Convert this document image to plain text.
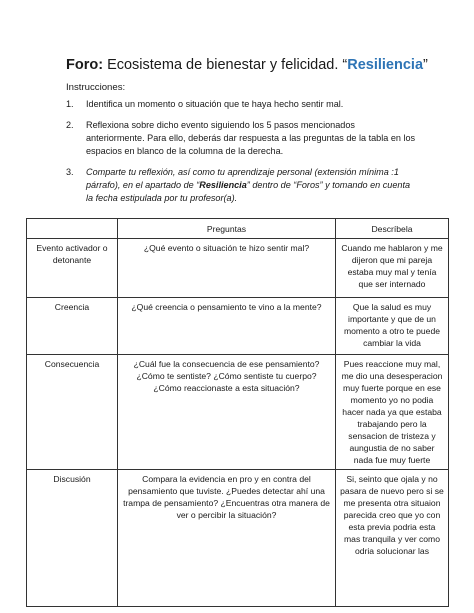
Foro: Ecosistema de bienestar y felicidad. “Resiliencia”
Instrucciones:
1. Identifica un momento o situación que te haya hecho sentir mal.
2. Reflexiona sobre dicho evento siguiendo los 5 pasos mencionados anteriormente. Para ello, deberás dar respuesta a las preguntas de la tabla en los espacios en blanco de la columna de la derecha.
3. Comparte tu reflexión, así como tu aprendizaje personal (extensión mínima :1 párrafo), en el apartado de “Resiliencia” dentro de “Foros” y tomando en cuenta la fecha estipulada por tu profesor(a).
	Preguntas	Descríbela
Evento activador o detonante	¿Qué evento o situación te hizo sentir mal?	Cuando me hablaron y me dijeron que mi pareja estaba muy mal y tenía que ser internado
Creencia	¿Qué creencia o pensamiento te vino a la mente?	Que la salud es muy importante y que de un momento a otro te puede cambiar la vida
Consecuencia	¿Cuál fue la consecuencia de ese pensamiento? ¿Cómo te sentiste? ¿Cómo sentiste tu cuerpo? ¿Cómo reaccionaste a esta situación?	Pues reaccione muy mal, me dio una desesperacion muy fuerte porque en ese momento yo no podia hacer nada ya que estaba trabajando pero la sensacion de tristeza y aungustia de no saber nada fue muy fuerte
Discusión	Compara la evidencia en pro y en contra del pensamiento que tuviste. ¿Puedes detectar ahí una trampa de pensamiento? ¿Encuentras otra manera de ver o percibir la situación?	Si, seinto que ojala y no pasara de nuevo pero si se me presenta otra situaion parecida creo que yo con esta previa podria esta mas tranquila y ver como odria solucionar las
